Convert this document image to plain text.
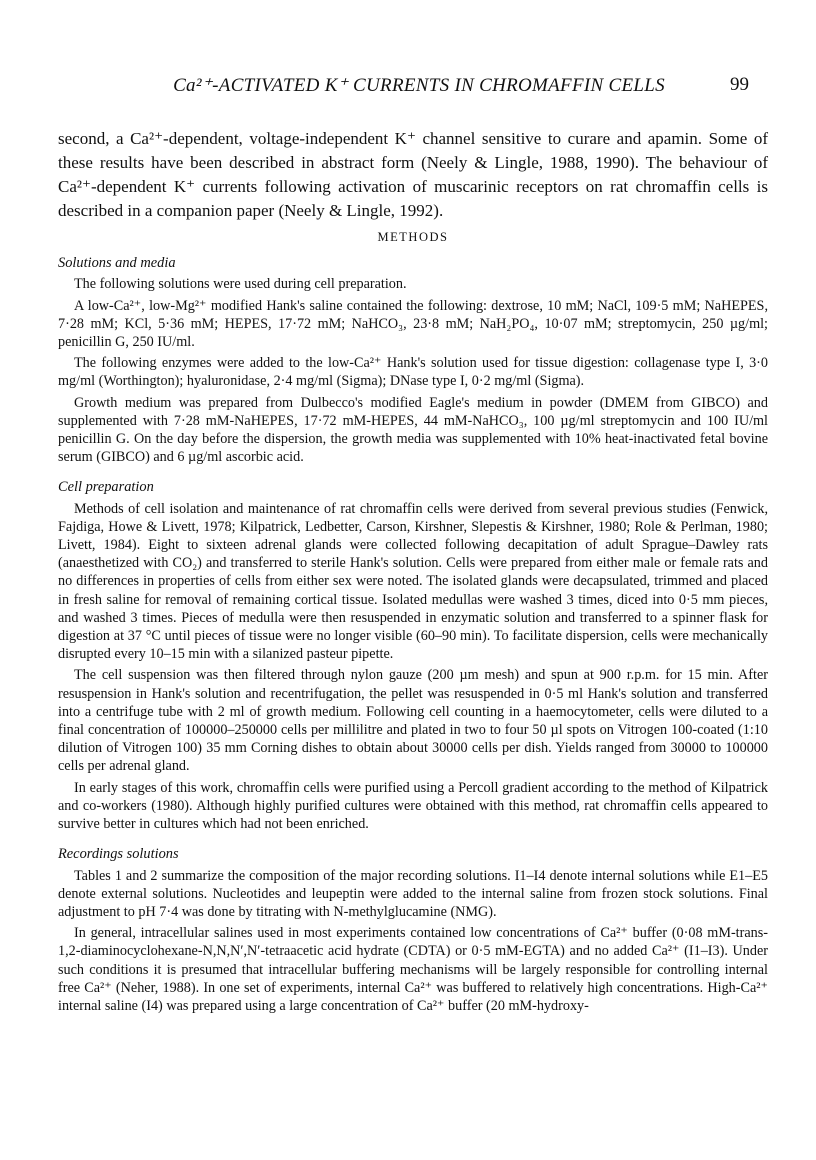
Ca²⁺-ACTIVATED K⁺ CURRENTS IN CHROMAFFIN CELLS	99

second, a Ca²⁺-dependent, voltage-independent K⁺ channel sensitive to curare and apamin. Some of these results have been described in abstract form (Neely & Lingle, 1988, 1990). The behaviour of Ca²⁺-dependent K⁺ currents following activation of muscarinic receptors on rat chromaffin cells is described in a companion paper (Neely & Lingle, 1992).

METHODS
Solutions and media

The following solutions were used during cell preparation.

A low-Ca²⁺, low-Mg²⁺ modified Hank's saline contained the following: dextrose, 10 mM; NaCl, 109·5 mM; NaHEPES, 7·28 mM; KCl, 5·36 mM; HEPES, 17·72 mM; NaHCO₃, 23·8 mM; NaH₂PO₄, 10·07 mM; streptomycin, 250 µg/ml; penicillin G, 250 IU/ml.

The following enzymes were added to the low-Ca²⁺ Hank's solution used for tissue digestion: collagenase type I, 3·0 mg/ml (Worthington); hyaluronidase, 2·4 mg/ml (Sigma); DNase type I, 0·2 mg/ml (Sigma).

Growth medium was prepared from Dulbecco's modified Eagle's medium in powder (DMEM from GIBCO) and supplemented with 7·28 mM-NaHEPES, 17·72 mM-HEPES, 44 mM-NaHCO₃, 100 µg/ml streptomycin and 100 IU/ml penicillin G. On the day before the dispersion, the growth media was supplemented with 10% heat-inactivated fetal bovine serum (GIBCO) and 6 µg/ml ascorbic acid.

Cell preparation

Methods of cell isolation and maintenance of rat chromaffin cells were derived from several previous studies (Fenwick, Fajdiga, Howe & Livett, 1978; Kilpatrick, Ledbetter, Carson, Kirshner, Slepestis & Kirshner, 1980; Role & Perlman, 1980; Livett, 1984). Eight to sixteen adrenal glands were collected following decapitation of adult Sprague–Dawley rats (anaesthetized with CO₂) and transferred to sterile Hank's solution. Cells were prepared from either male or female rats and no differences in properties of cells from either sex were noted. The isolated glands were decapsulated, trimmed and placed in fresh saline for removal of remaining cortical tissue. Isolated medullas were washed 3 times, diced into 0·5 mm pieces, and washed 3 times. Pieces of medulla were then resuspended in enzymatic solution and transferred to a spinner flask for digestion at 37 °C until pieces of tissue were no longer visible (60–90 min). To facilitate dispersion, cells were mechanically disrupted every 10–15 min with a silanized pasteur pipette.

The cell suspension was then filtered through nylon gauze (200 µm mesh) and spun at 900 r.p.m. for 15 min. After resuspension in Hank's solution and recentrifugation, the pellet was resuspended in 0·5 ml Hank's solution and transferred into a centrifuge tube with 2 ml of growth medium. Following cell counting in a haemocytometer, cells were diluted to a final concentration of 100000–250000 cells per millilitre and plated in two to four 50 µl spots on Vitrogen 100-coated (1:10 dilution of Vitrogen 100) 35 mm Corning dishes to obtain about 30000 cells per dish. Yields ranged from 30000 to 100000 cells per adrenal gland.

In early stages of this work, chromaffin cells were purified using a Percoll gradient according to the method of Kilpatrick and co-workers (1980). Although highly purified cultures were obtained with this method, rat chromaffin cells appeared to survive better in cultures which had not been enriched.

Recordings solutions

Tables 1 and 2 summarize the composition of the major recording solutions. I1–I4 denote internal solutions while E1–E5 denote external solutions. Nucleotides and leupeptin were added to the internal saline from frozen stock solutions. Final adjustment to pH 7·4 was done by titrating with N-methylglucamine (NMG).

In general, intracellular salines used in most experiments contained low concentrations of Ca²⁺ buffer (0·08 mM-trans-1,2-diaminocyclohexane-N,N,N′,N′-tetraacetic acid hydrate (CDTA) or 0·5 mM-EGTA) and no added Ca²⁺ (I1–I3). Under such conditions it is presumed that intracellular buffering mechanisms will be largely responsible for controlling internal free Ca²⁺ (Neher, 1988). In one set of experiments, internal Ca²⁺ was buffered to relatively high concentrations. High-Ca²⁺ internal saline (I4) was prepared using a large concentration of Ca²⁺ buffer (20 mM-hydroxy-
